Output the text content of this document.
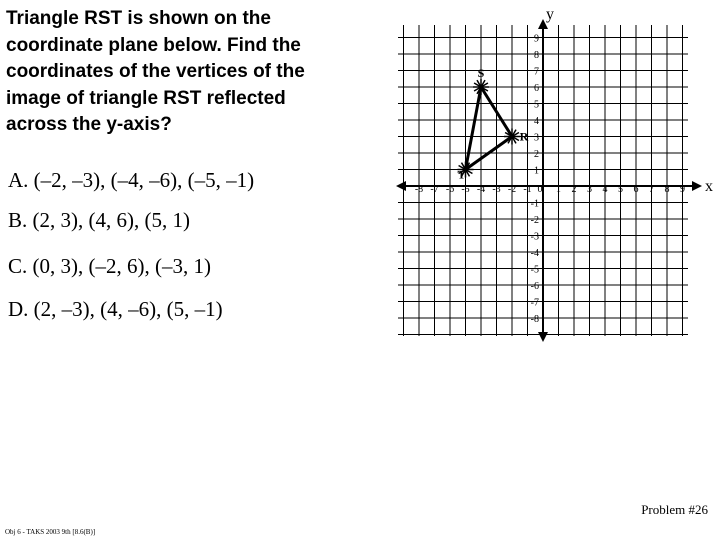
Triangle RST is shown on the
coordinate plane below. Find the
coordinates of the vertices of the
image of triangle RST reflected
across the y-axis?
A. (–2, –3), (–4, –6), (–5, –1)
B. (2, 3), (4, 6), (5, 1)
C. (0, 3), (–2, 6), (–3, 1)
D. (2, –3), (4, –6), (5, –1)
x
y
-8 -7 -6 -5 -4 -3 -2 -1 0 1 2 3 4 5 6 7 8 9
9
8
7
6
5
4
3
2
1
-1
-2
-3
-4
-5
-6
-7
-8
S
R
T
Problem #26
Obj 6 - TAKS 2003 9th [8.6(B)]
